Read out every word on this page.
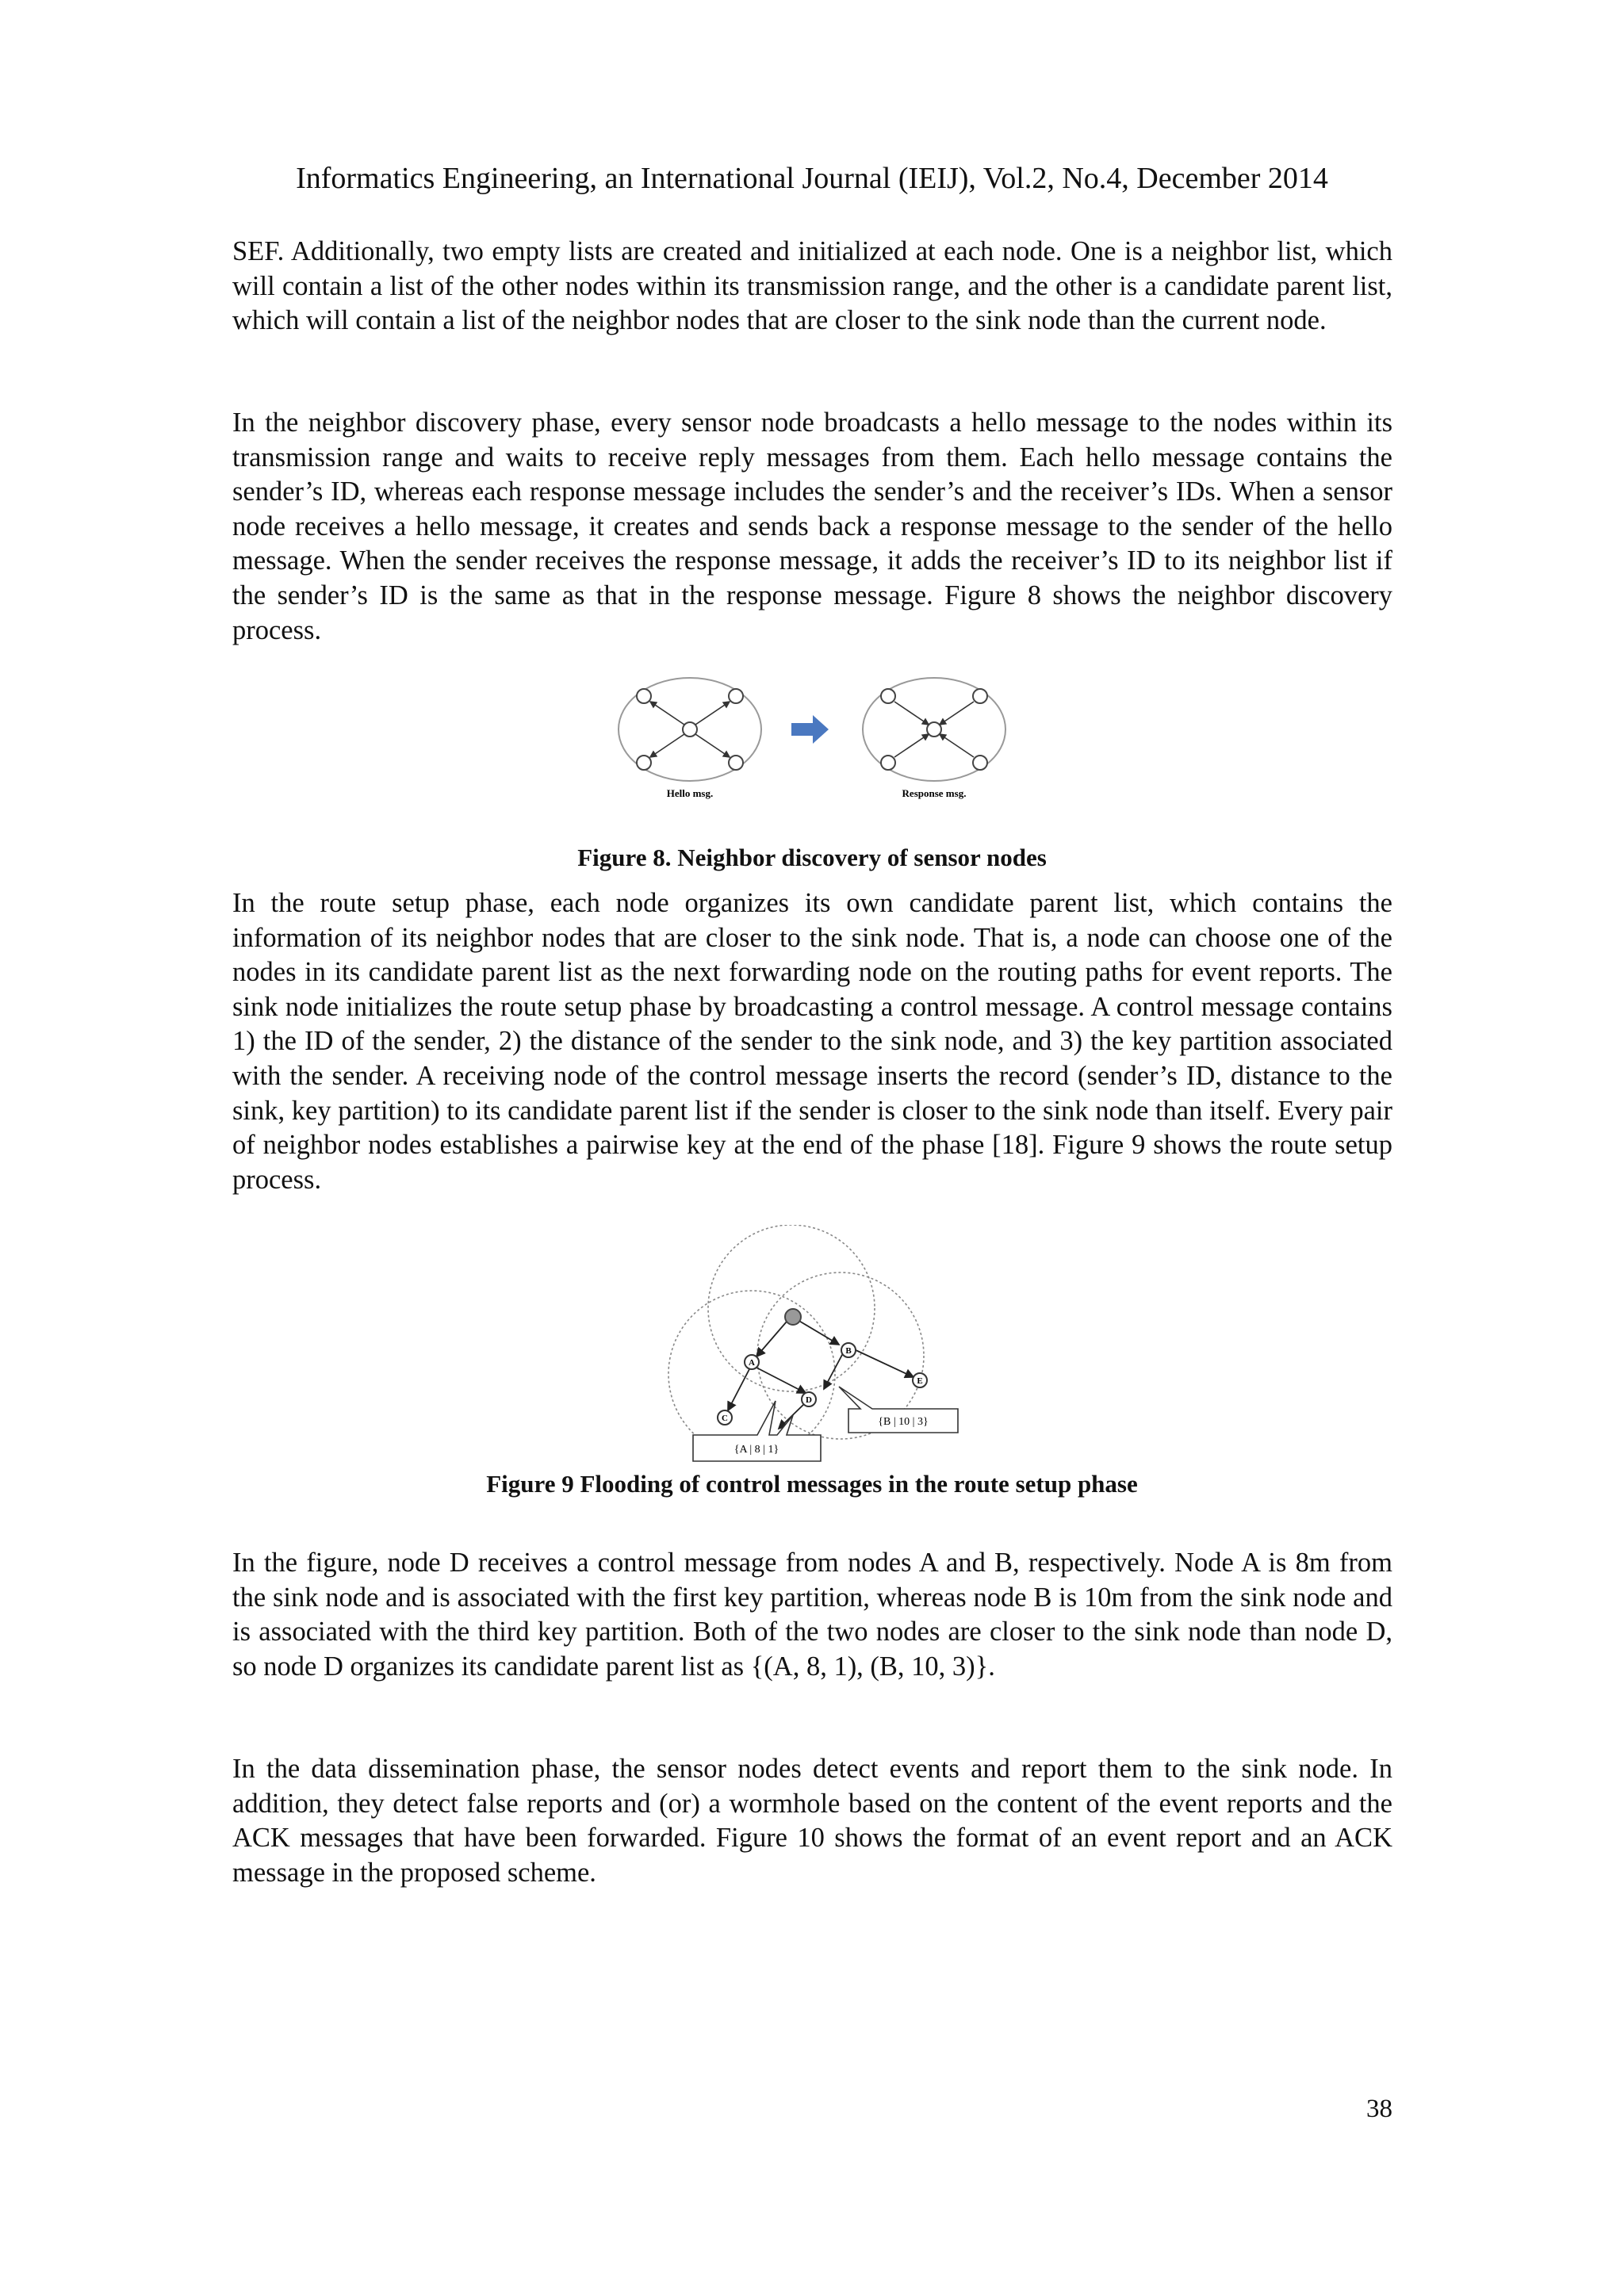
Informatics Engineering, an International Journal (IEIJ), Vol.2, No.4, December 2014

SEF. Additionally, two empty lists are created and initialized at each node. One is a neighbor list, which will contain a list of the other nodes within its transmission range, and the other is a candidate parent list, which will contain a list of the neighbor nodes that are closer to the sink node than the current node.

In the neighbor discovery phase, every sensor node broadcasts a hello message to the nodes within its transmission range and waits to receive reply messages from them. Each hello message contains the sender’s ID, whereas each response message includes the sender’s and the receiver’s IDs. When a sensor node receives a hello message, it creates and sends back a response message to the sender of the hello message. When the sender receives the response message, it adds the receiver’s ID to its neighbor list if the sender’s ID is the same as that in the response message. Figure 8 shows the neighbor discovery process.

Hello msg.	Response msg.
Figure 8. Neighbor discovery of sensor nodes

In the route setup phase, each node organizes its own candidate parent list, which contains the information of its neighbor nodes that are closer to the sink node. That is, a node can choose one of the nodes in its candidate parent list as the next forwarding node on the routing paths for event reports. The sink node initializes the route setup phase by broadcasting a control message. A control message contains 1) the ID of the sender, 2) the distance of the sender to the sink node, and 3) the key partition associated with the sender. A receiving node of the control message inserts the record (sender’s ID, distance to the sink, key partition) to its candidate parent list if the sender is closer to the sink node than itself. Every pair of neighbor nodes establishes a pairwise key at the end of the phase [18]. Figure 9 shows the route setup process.

A
B
C
D
E
{B | 10 | 3}
{A | 8 | 1}
Figure 9 Flooding of control messages in the route setup phase

In the figure, node D receives a control message from nodes A and B, respectively. Node A is 8m from the sink node and is associated with the first key partition, whereas node B is 10m from the sink node and is associated with the third key partition. Both of the two nodes are closer to the sink node than node D, so node D organizes its candidate parent list as {(A, 8, 1), (B, 10, 3)}.

In the data dissemination phase, the sensor nodes detect events and report them to the sink node. In addition, they detect false reports and (or) a wormhole based on the content of the event reports and the ACK messages that have been forwarded. Figure 10 shows the format of an event report and an ACK message in the proposed scheme.

38
